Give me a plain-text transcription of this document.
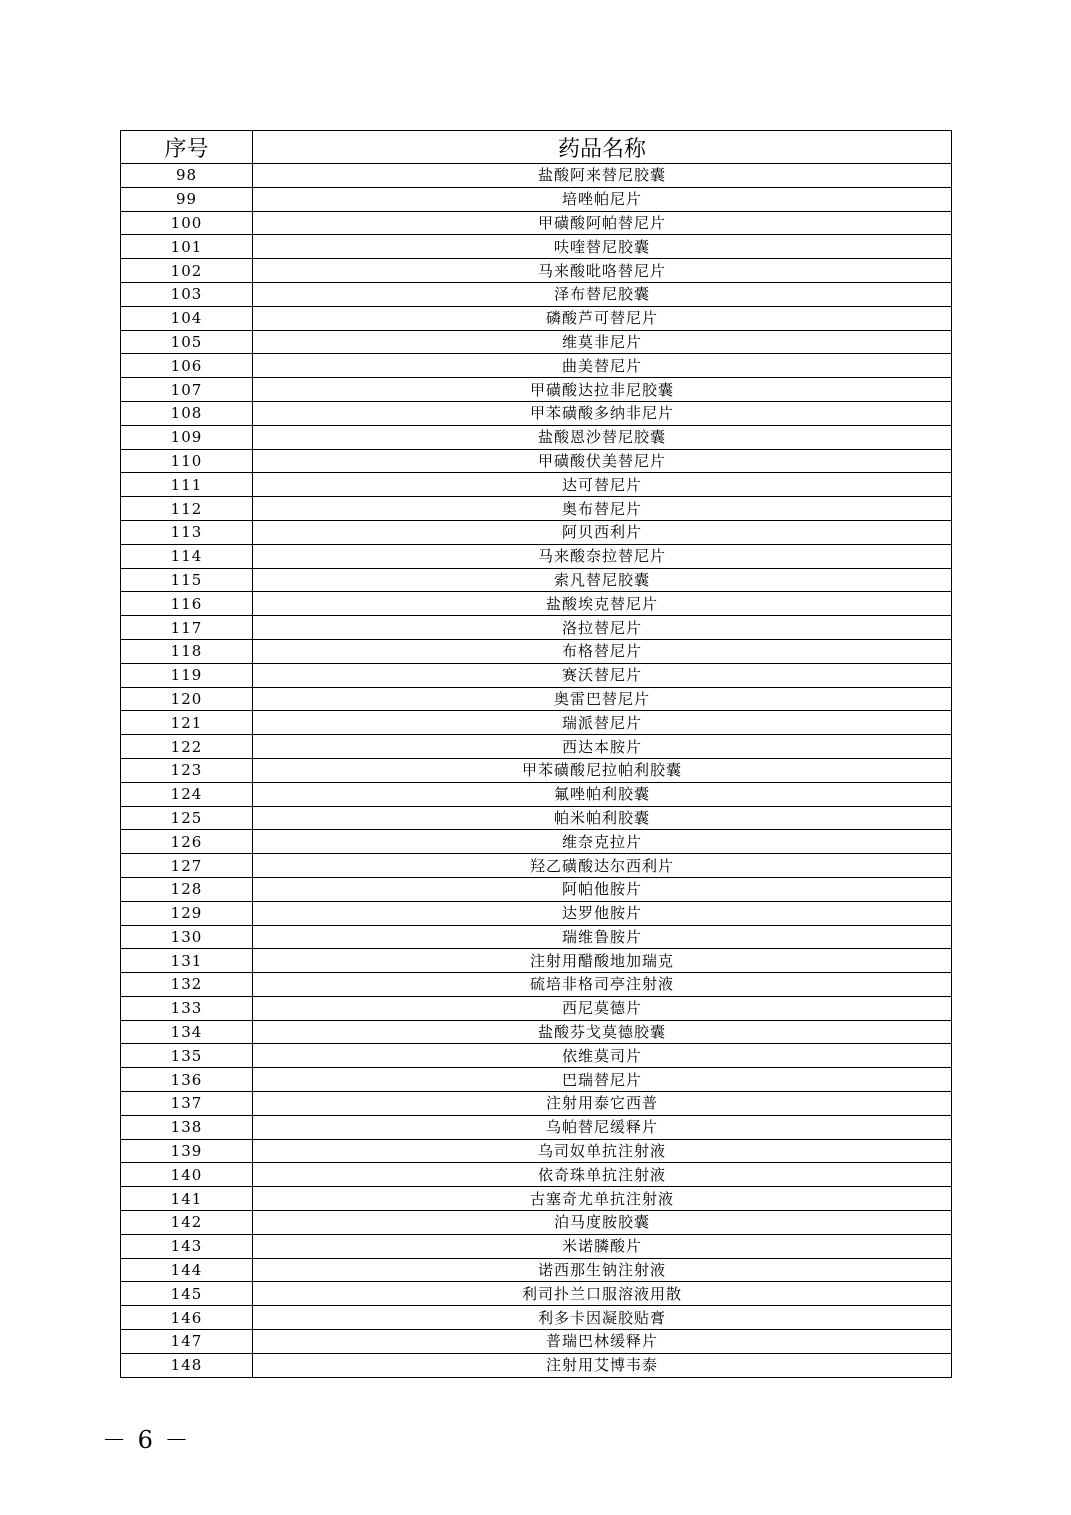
序号	药品名称
98	盐酸阿来替尼胶囊
99	培唑帕尼片
100	甲磺酸阿帕替尼片
101	呋喹替尼胶囊
102	马来酸吡咯替尼片
103	泽布替尼胶囊
104	磷酸芦可替尼片
105	维莫非尼片
106	曲美替尼片
107	甲磺酸达拉非尼胶囊
108	甲苯磺酸多纳非尼片
109	盐酸恩沙替尼胶囊
110	甲磺酸伏美替尼片
111	达可替尼片
112	奥布替尼片
113	阿贝西利片
114	马来酸奈拉替尼片
115	索凡替尼胶囊
116	盐酸埃克替尼片
117	洛拉替尼片
118	布格替尼片
119	赛沃替尼片
120	奥雷巴替尼片
121	瑞派替尼片
122	西达本胺片
123	甲苯磺酸尼拉帕利胶囊
124	氟唑帕利胶囊
125	帕米帕利胶囊
126	维奈克拉片
127	羟乙磺酸达尔西利片
128	阿帕他胺片
129	达罗他胺片
130	瑞维鲁胺片
131	注射用醋酸地加瑞克
132	硫培非格司亭注射液
133	西尼莫德片
134	盐酸芬戈莫德胶囊
135	依维莫司片
136	巴瑞替尼片
137	注射用泰它西普
138	乌帕替尼缓释片
139	乌司奴单抗注射液
140	依奇珠单抗注射液
141	古塞奇尤单抗注射液
142	泊马度胺胶囊
143	米诺膦酸片
144	诺西那生钠注射液
145	利司扑兰口服溶液用散
146	利多卡因凝胶贴膏
147	普瑞巴林缓释片
148	注射用艾博韦泰
－ 6 －
